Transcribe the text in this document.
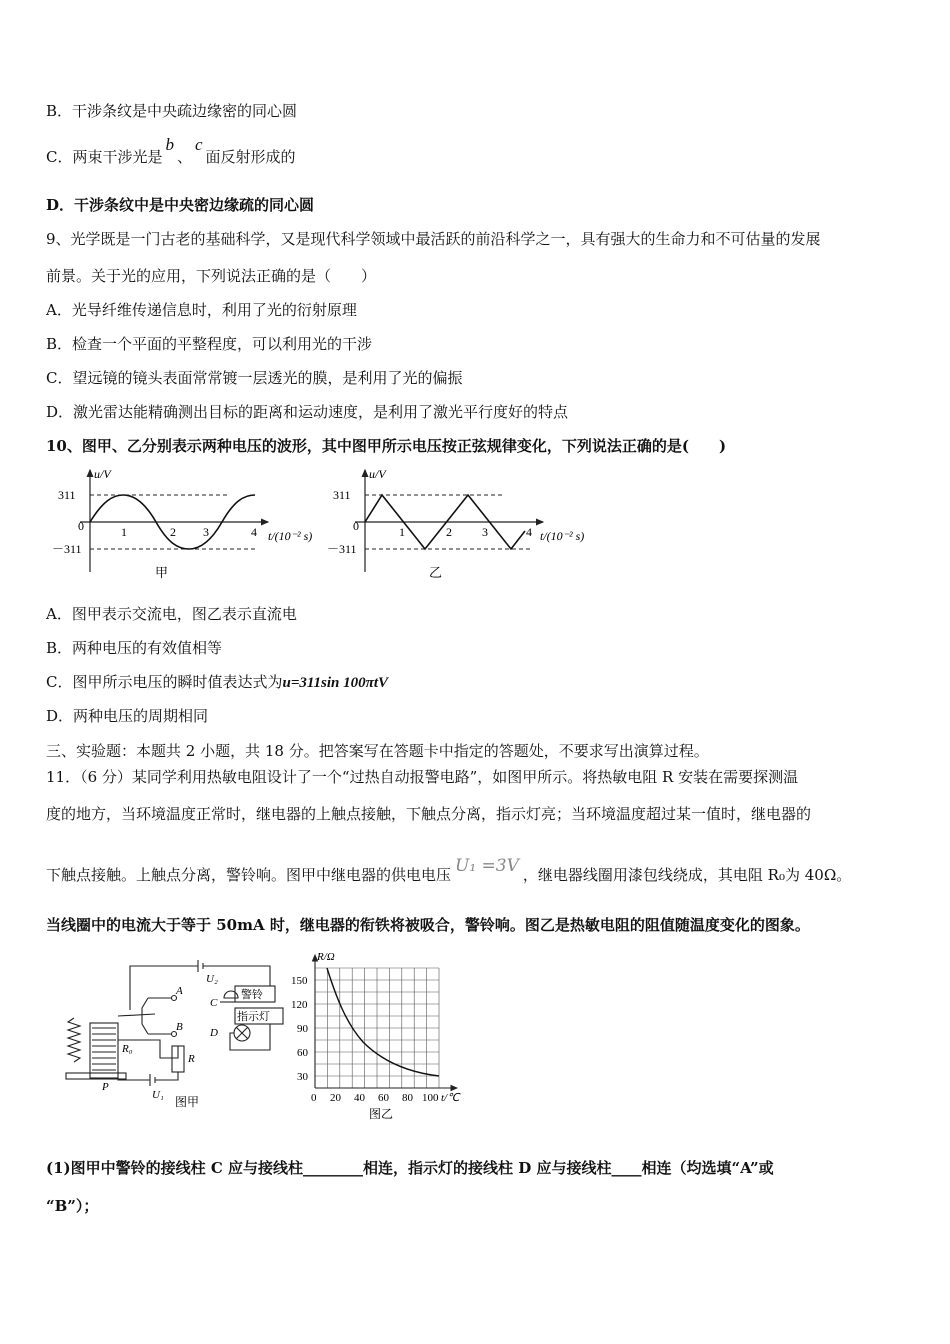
B．干涉条纹是中央疏边缘密的同心圆
C．两束干涉光是b、c面反射形成的
D．干涉条纹中是中央密边缘疏的同心圆
9、光学既是一门古老的基础科学，又是现代科学领域中最活跃的前沿科学之一，具有强大的生命力和不可估量的发展
前景。关于光的应用，下列说法正确的是（　　）
A．光导纤维传递信息时，利用了光的衍射原理
B．检查一个平面的平整程度，可以利用光的干涉
C．望远镜的镜头表面常常镀一层透光的膜，是利用了光的偏振
D．激光雷达能精确测出目标的距离和运动速度，是利用了激光平行度好的特点
10、图甲、乙分别表示两种电压的波形，其中图甲所示电压按正弦规律变化，下列说法正确的是(　　)
u/V
311
－311
0	1	2 3	4 t/(10⁻² s)
甲
u/V
311
－311
0	1	2	3	4 t/(10⁻² s)
乙
A．图甲表示交流电，图乙表示直流电
B．两种电压的有效值相等
C．图甲所示电压的瞬时值表达式为u=311sin 100πtV
D．两种电压的周期相同
三、实验题：本题共 2 小题，共 18 分。把答案写在答题卡中指定的答题处，不要求写出演算过程。
11．（6 分）某同学利用热敏电阻设计了一个“过热自动报警电路”，如图甲所示。将热敏电阻 R 安装在需要探测温
度的地方，当环境温度正常时，继电器的上触点接触，下触点分离，指示灯亮；当环境温度超过某一值时，继电器的
下触点接触。上触点分离，警铃响。图甲中继电器的供电电压 U₁ =3V ，继电器线圈用漆包线绕成，其电阻 R₀为 40Ω。
当线圈中的电流大于等于 50mA 时，继电器的衔铁将被吸合，警铃响。图乙是热敏电阻的阻值随温度变化的图象。
U₂
警铃
指示灯
A
B
C
D
R₀
R
P
U₁ 图甲
R/Ω
150
120
90
60
30
0 20 40 60 80 100 t/℃
图乙
(1)图甲中警铃的接线柱 C 应与接线柱________相连，指示灯的接线柱 D 应与接线柱____相连（均选填“A”或
“B”）；
